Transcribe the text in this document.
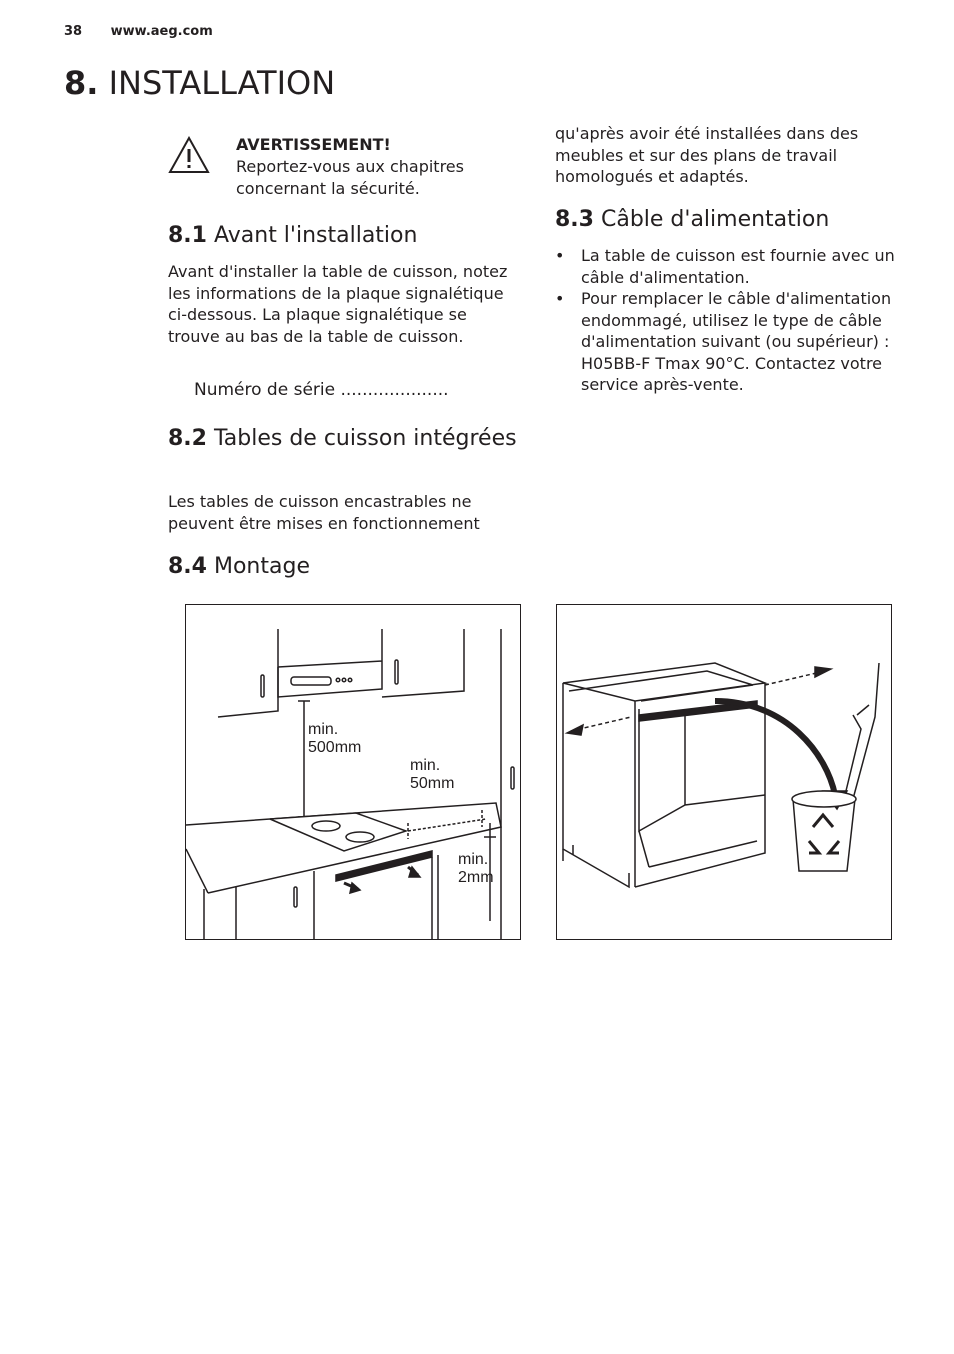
38 www.aeg.com
8. INSTALLATION
AVERTISSEMENT!
Reportez-vous aux chapitres concernant la sécurité.
8.1 Avant l'installation

Avant d'installer la table de cuisson, notez les informations de la plaque signalétique ci-dessous. La plaque signalétique se trouve au bas de la table de cuisson.

Numéro de série ....................
8.2 Tables de cuisson intégrées

Les tables de cuisson encastrables ne peuvent être mises en fonctionnement

8.4 Montage

qu'après avoir été installées dans des meubles et sur des plans de travail homologués et adaptés.

8.3 Câble d'alimentation
• La table de cuisson est fournie avec un câble d'alimentation.
• Pour remplacer le câble d'alimentation endommagé, utilisez le type de câble d'alimentation suivant (ou supérieur) : H05BB-F Tmax 90°C. Contactez votre service après-vente.
min.
500mm
min.
50mm
min.
2mm
